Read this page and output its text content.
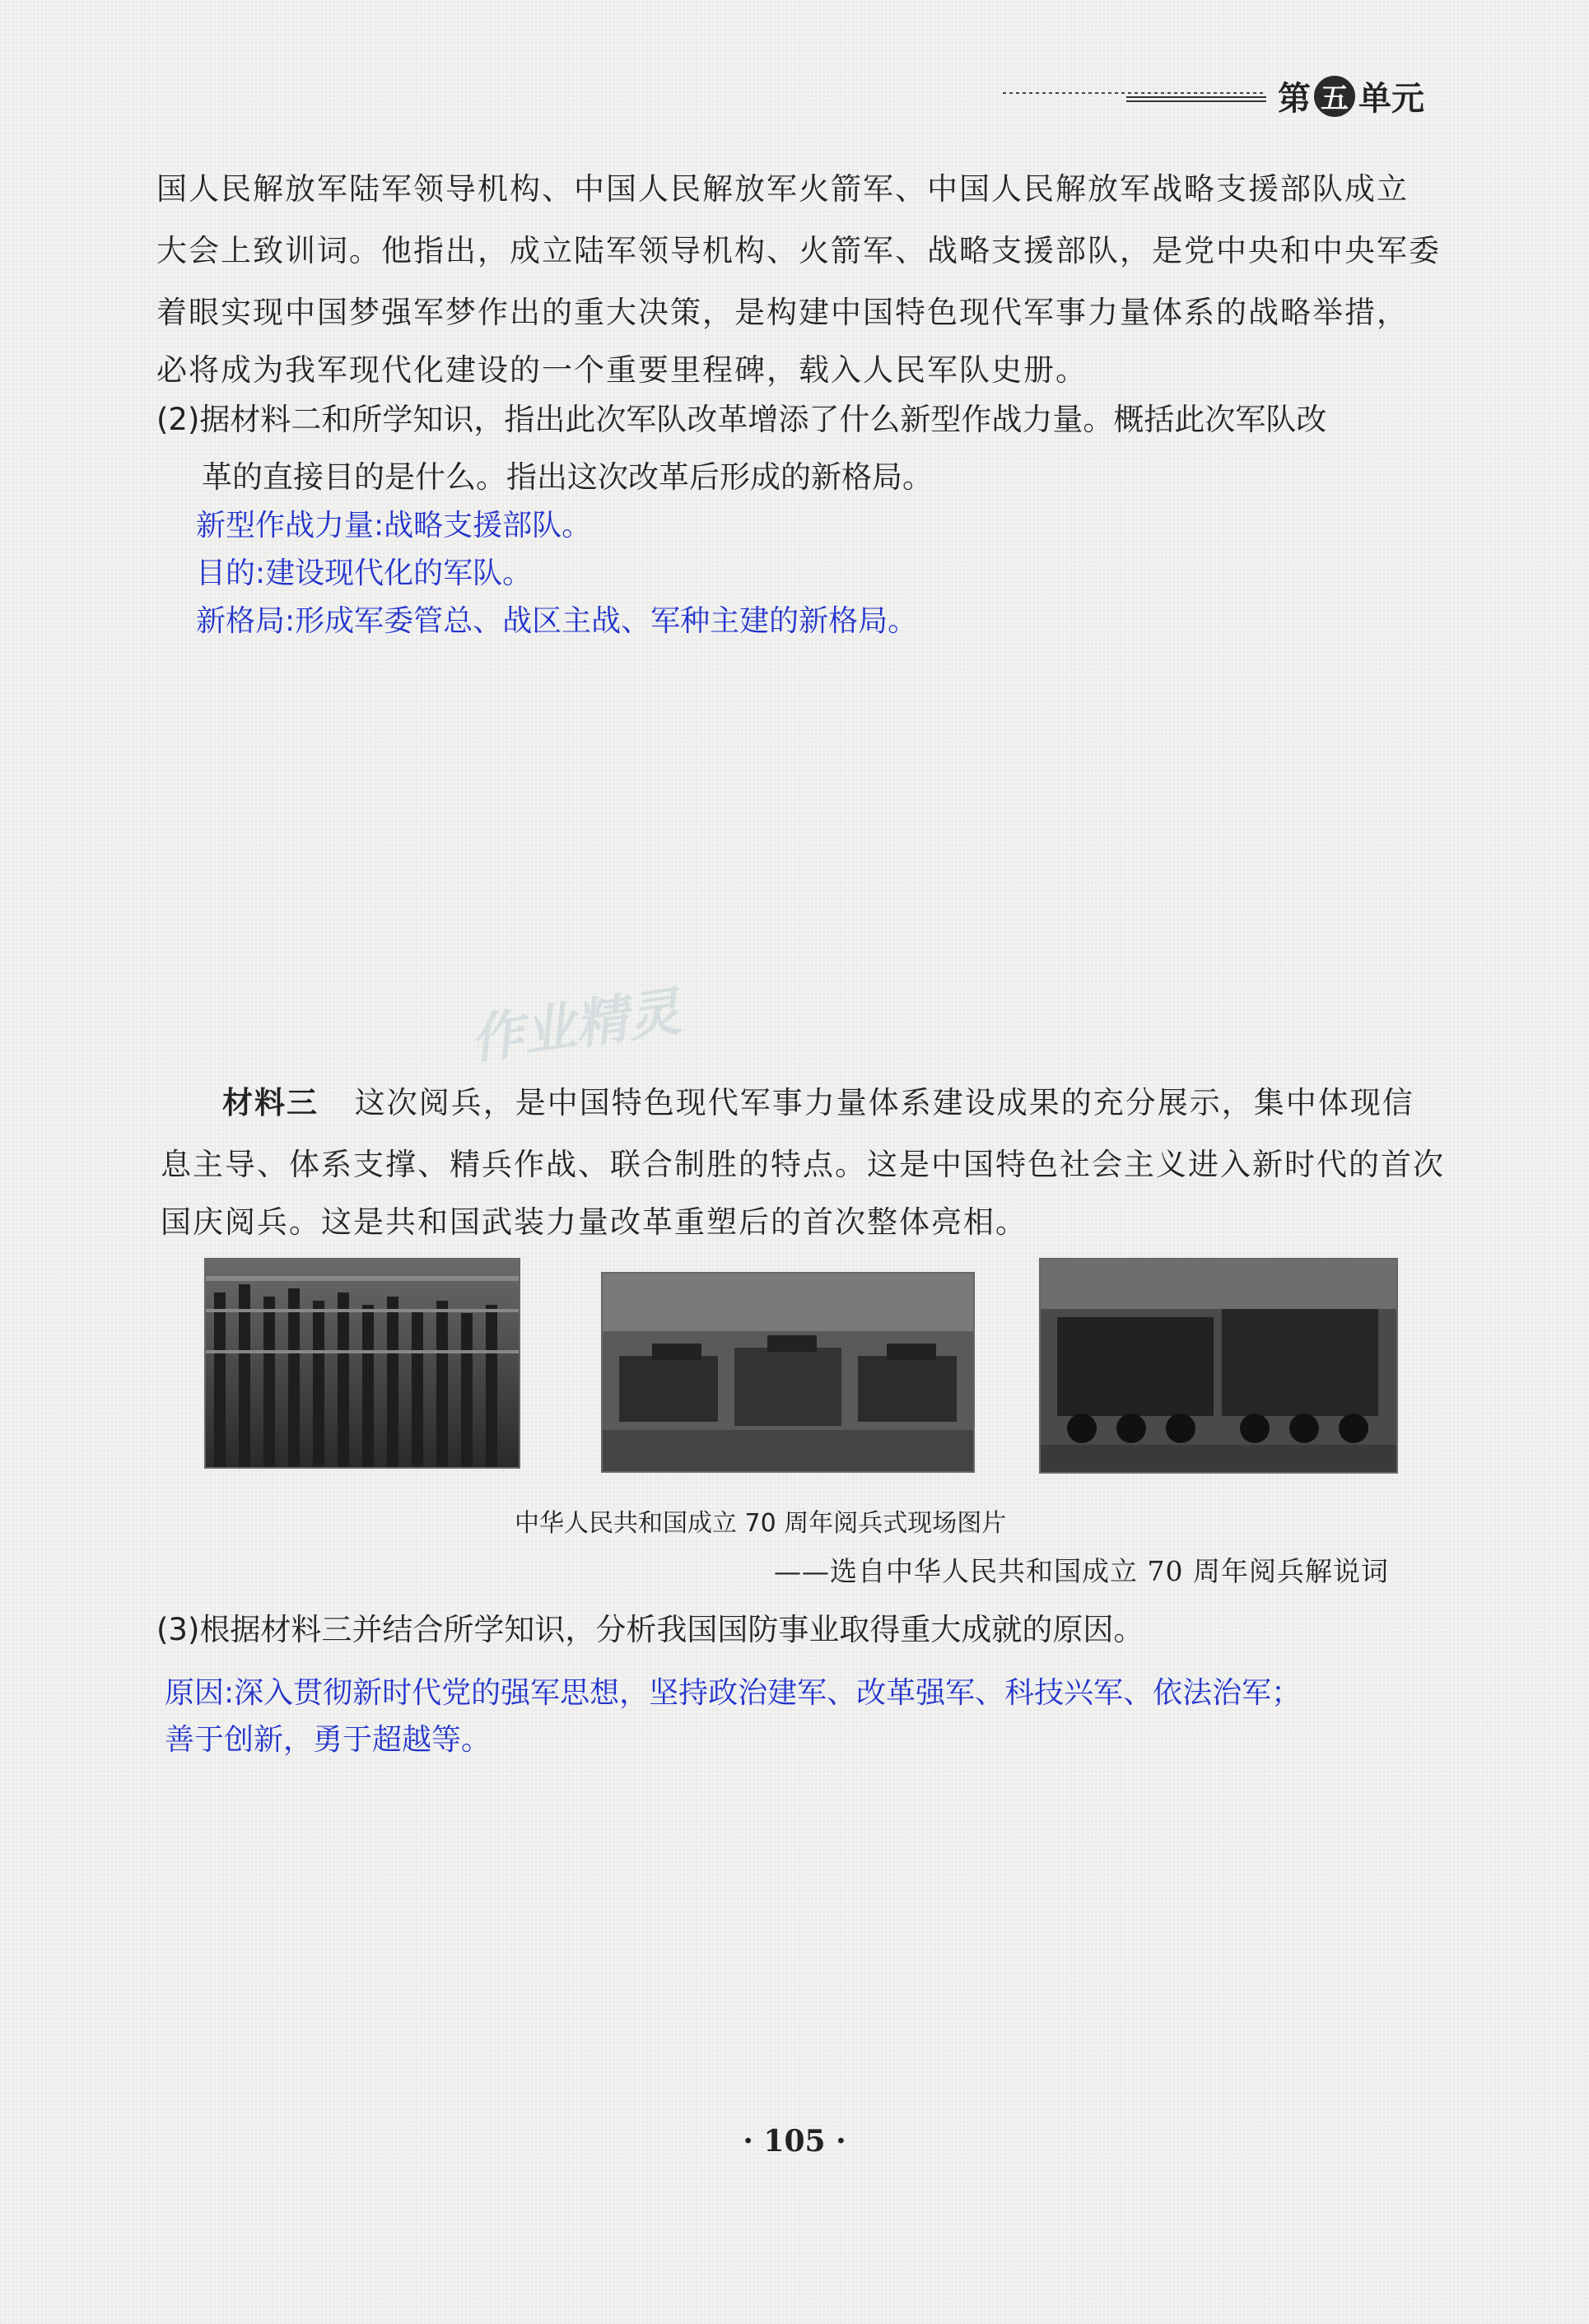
第 五 单元
国人民解放军陆军领导机构、中国人民解放军火箭军、中国人民解放军战略支援部队成立
大会上致训词。他指出，成立陆军领导机构、火箭军、战略支援部队，是党中央和中央军委
着眼实现中国梦强军梦作出的重大决策，是构建中国特色现代军事力量体系的战略举措，
必将成为我军现代化建设的一个重要里程碑，载入人民军队史册。
(2)据材料二和所学知识，指出此次军队改革增添了什么新型作战力量。概括此次军队改
革的直接目的是什么。指出这次改革后形成的新格局。
新型作战力量:战略支援部队。
目的:建设现代化的军队。
新格局:形成军委管总、战区主战、军种主建的新格局。
作业精灵
材料三 这次阅兵，是中国特色现代军事力量体系建设成果的充分展示，集中体现信
息主导、体系支撑、精兵作战、联合制胜的特点。这是中国特色社会主义进入新时代的首次
国庆阅兵。这是共和国武装力量改革重塑后的首次整体亮相。
中华人民共和国成立 70 周年阅兵式现场图片
——选自中华人民共和国成立 70 周年阅兵解说词
(3)根据材料三并结合所学知识，分析我国国防事业取得重大成就的原因。
原因:深入贯彻新时代党的强军思想，坚持政治建军、改革强军、科技兴军、依法治军；
善于创新，勇于超越等。
· 105 ·
